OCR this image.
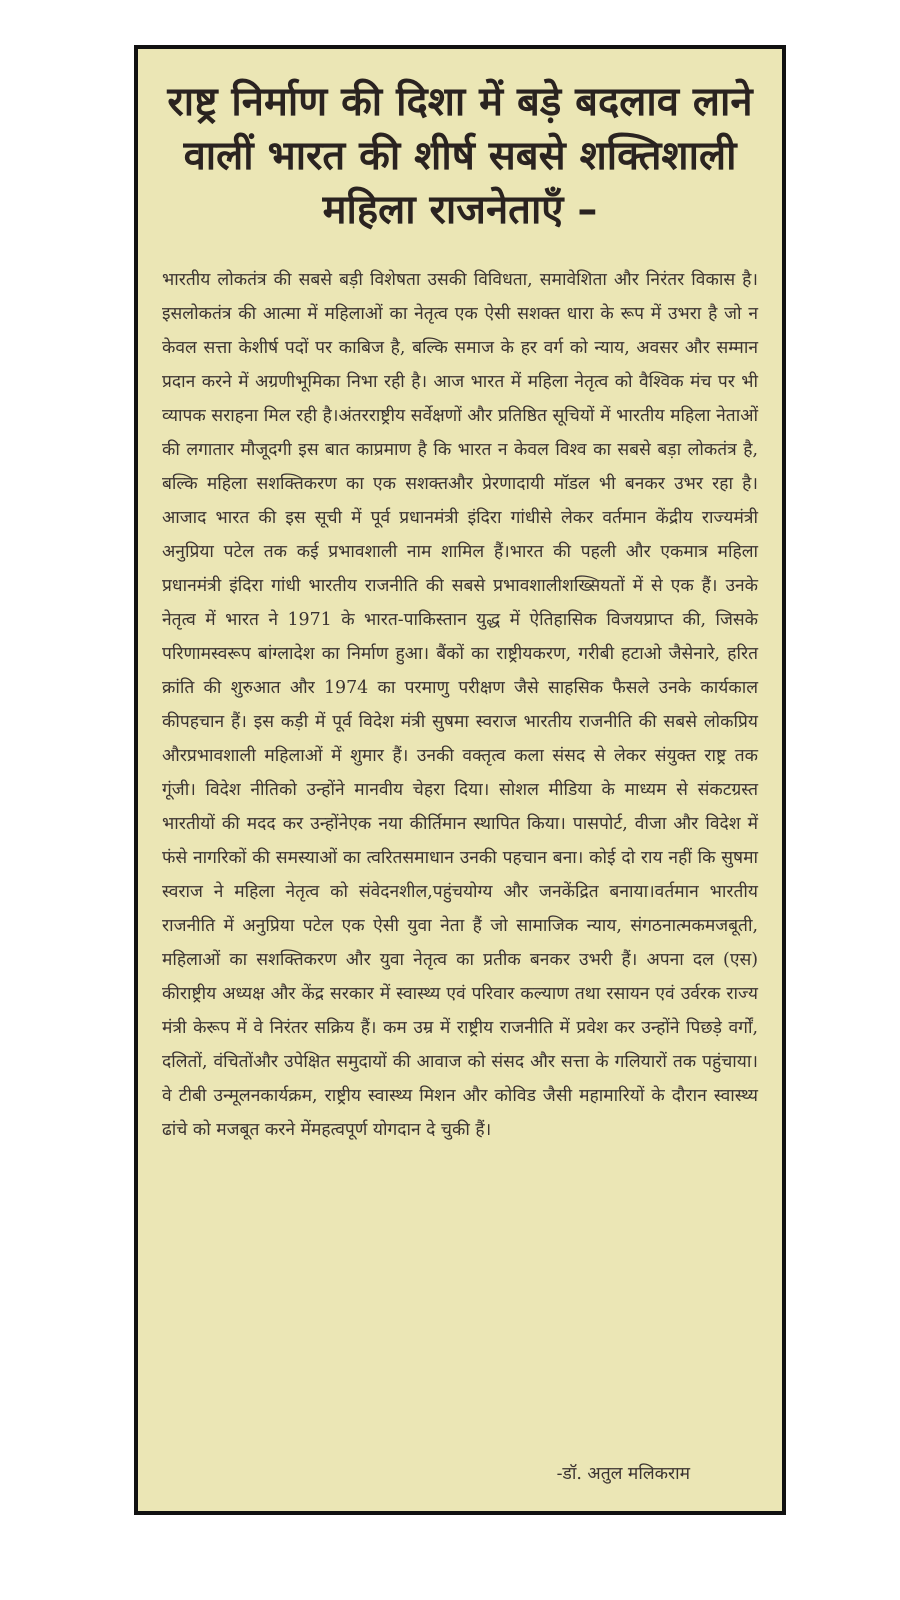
राष्ट्र निर्माण की दिशा में बड़े बदलाव लाने वालीं भारत की शीर्ष सबसे शक्तिशाली महिला राजनेताएँ –

भारतीय लोकतंत्र की सबसे बड़ी विशेषता उसकी विविधता, समावेशिता और निरंतर विकास है। इसलोकतंत्र की आत्मा में महिलाओं का नेतृत्व एक ऐसी सशक्त धारा के रूप में उभरा है जो न केवल सत्ता केशीर्ष पदों पर काबिज है, बल्कि समाज के हर वर्ग को न्याय, अवसर और सम्मान प्रदान करने में अग्रणीभूमिका निभा रही है। आज भारत में महिला नेतृत्व को वैश्विक मंच पर भी व्यापक सराहना मिल रही है।अंतरराष्ट्रीय सर्वेक्षणों और प्रतिष्ठित सूचियों में भारतीय महिला नेताओं की लगातार मौजूदगी इस बात काप्रमाण है कि भारत न केवल विश्व का सबसे बड़ा लोकतंत्र है, बल्कि महिला सशक्तिकरण का एक सशक्तऔर प्रेरणादायी मॉडल भी बनकर उभर रहा है। आजाद भारत की इस सूची में पूर्व प्रधानमंत्री इंदिरा गांधीसे लेकर वर्तमान केंद्रीय राज्यमंत्री अनुप्रिया पटेल तक कई प्रभावशाली नाम शामिल हैं।भारत की पहली और एकमात्र महिला प्रधानमंत्री इंदिरा गांधी भारतीय राजनीति की सबसे प्रभावशालीशख्सियतों में से एक हैं। उनके नेतृत्व में भारत ने 1971 के भारत-पाकिस्तान युद्ध में ऐतिहासिक विजयप्राप्त की, जिसके परिणामस्वरूप बांग्लादेश का निर्माण हुआ। बैंकों का राष्ट्रीयकरण, गरीबी हटाओ जैसेनारे, हरित क्रांति की शुरुआत और 1974 का परमाणु परीक्षण जैसे साहसिक फैसले उनके कार्यकाल कीपहचान हैं। इस कड़ी में पूर्व विदेश मंत्री सुषमा स्वराज भारतीय राजनीति की सबसे लोकप्रिय औरप्रभावशाली महिलाओं में शुमार हैं। उनकी वक्तृत्व कला संसद से लेकर संयुक्त राष्ट्र तक गूंजी। विदेश नीतिको उन्होंने मानवीय चेहरा दिया। सोशल मीडिया के माध्यम से संकटग्रस्त भारतीयों की मदद कर उन्होंनेएक नया कीर्तिमान स्थापित किया। पासपोर्ट, वीजा और विदेश में फंसे नागरिकों की समस्याओं का त्वरितसमाधान उनकी पहचान बना। कोई दो राय नहीं कि सुषमा स्वराज ने महिला नेतृत्व को संवेदनशील,पहुंचयोग्य और जनकेंद्रित बनाया।वर्तमान भारतीय राजनीति में अनुप्रिया पटेल एक ऐसी युवा नेता हैं जो सामाजिक न्याय, संगठनात्मकमजबूती, महिलाओं का सशक्तिकरण और युवा नेतृत्व का प्रतीक बनकर उभरी हैं। अपना दल (एस) कीराष्ट्रीय अध्यक्ष और केंद्र सरकार में स्वास्थ्य एवं परिवार कल्याण तथा रसायन एवं उर्वरक राज्य मंत्री केरूप में वे निरंतर सक्रिय हैं। कम उम्र में राष्ट्रीय राजनीति में प्रवेश कर उन्होंने पिछड़े वर्गों, दलितों, वंचितोंऔर उपेक्षित समुदायों की आवाज को संसद और सत्ता के गलियारों तक पहुंचाया। वे टीबी उन्मूलनकार्यक्रम, राष्ट्रीय स्वास्थ्य मिशन और कोविड जैसी महामारियों के दौरान स्वास्थ्य ढांचे को मजबूत करने मेंमहत्वपूर्ण योगदान दे चुकी हैं।

-डॉ. अतुल मलिकराम
